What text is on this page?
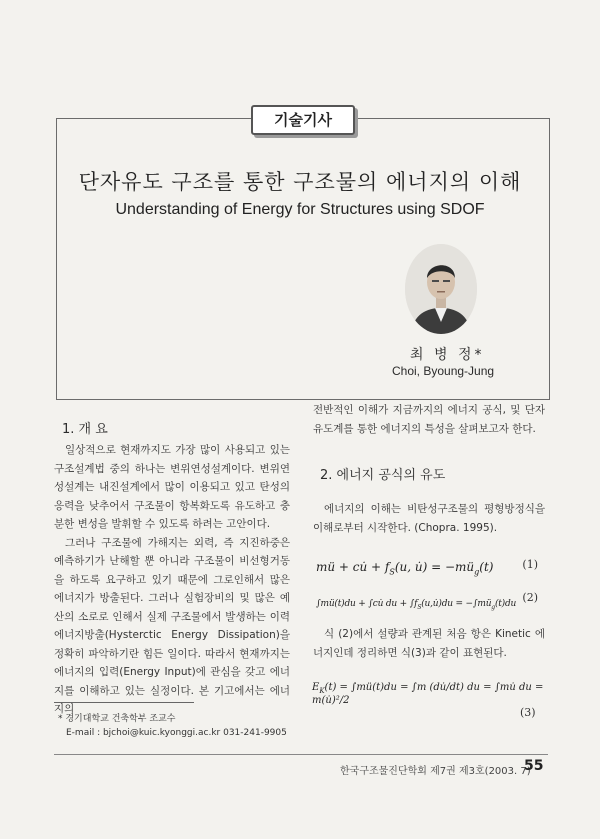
기술기사
단자유도 구조를 통한 구조물의 에너지의 이해
Understanding of Energy for Structures using SDOF
최 병 정*
Choi, Byoung-Jung
1. 개 요

일상적으로 현재까지도 가장 많이 사용되고 있는 구조설계법 중의 하나는 변위연성설계이다. 변위연성설계는 내진설계에서 많이 이용되고 있고 탄성의 응력을 낮추어서 구조물이 항복화도록 유도하고 충분한 변성을 발휘할 수 있도록 하려는 고안이다.

그러나 구조물에 가해지는 외력, 즉 지진하중은 예측하기가 난해할 뿐 아니라 구조물이 비선형거동을 하도록 요구하고 있기 때문에 그로인해서 많은 에너지가 방출된다. 그러나 실험장비의 및 많은 예산의 소로로 인해서 실제 구조물에서 발생하는 이력에너지방출(Hysterctic Energy Dissipation)을 정확히 파악하기란 힘든 일이다. 따라서 현재까지는 에너지의 입력(Energy Input)에 관심을 갖고 에너지를 이해하고 있는 실정이다. 본 기고에서는 에너지의

전반적인 이해가 지금까지의 에너지 공식, 및 단자유도계를 통한 에너지의 특성을 살펴보고자 한다.

2. 에너지 공식의 유도

에너지의 이해는 비탄성구조물의 평형방정식을 이해로부터 시작한다. (Chopra. 1995).

mü + cu̇ + $f_S(u$, u̇) = $-mü_g(t)$	(1)
∫mü(t)du + ∫cu̇ du + $\int f_S(u,u̇)du$ = $-\int mü_g(t)du$ (2)

식 (2)에서 설량과 관계된 처음 항은 Kinetic 에너지인데 정리하면 식(3)과 같이 표현된다.

$E_K(t)$ = ∫mü(t)du = ∫m (du̇/dt) du = ∫mu̇ du = m(u̇)²/2
(3)
* 경기대학교 건축학부 조교수
E-mail : bjchoi@kuic.kyonggi.ac.kr 031-241-9905
한국구조물진단학회 제7권 제3호(2003. 7)
55
